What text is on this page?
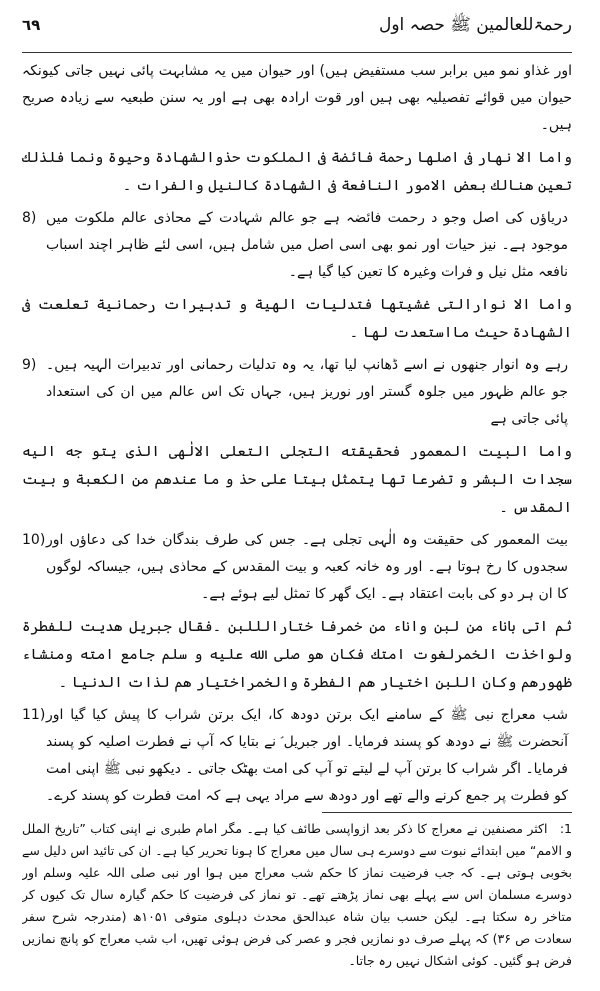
٦٩	رحمۃللعالمین ﷺ حصہ اول

اور غذاو نمو میں برابر سب مستفیض ہیں) اور حیوان میں یہ مشابہت پائی نہیں جاتی کیونکہ حیوان میں قوائے تفصیلیہ بھی ہیں اور قوت ارادہ بھی ہے اور یہ سنن طبعیہ سے زیادہ صریح ہیں۔

واما الا نهار فى اصلها رحمة فائضة فى الملكوت حذوالشهادة وحيوة ونما فلذلك تعين هنالك بعض الامور النافعة فى الشهادة كالنيل والفرات ۔

8) دریاؤں کی اصل وجو د رحمت فائضہ ہے جو عالم شہادت کے محاذی عالم ملکوت میں موجود ہے۔ نیز حیات اور نمو بھی اسی اصل میں شامل ہیں، اسی لئے ظاہر اچند اسباب نافعہ مثل نیل و فرات وغیرہ کا تعین کیا گیا ہے۔

واما الا نوارالتى غشيتها فتدليات الهية و تدبيرات رحمانية تعلعت فى الشهادة حيث مااستعدت لها ۔

9) رہے وہ انوار جنھوں نے اسے ڈھانپ لیا تھا، یہ وہ تدلیات رحمانی اور تدبیرات الہیہ ہیں۔ جو عالم ظہور میں جلوہ گستر اور نوریز ہیں، جہاں تک اس عالم میں ان کی استعداد پائی جاتی ہے

واما البيت المعمور فحقيقته التجلى التعلى الالٰهى الذى يتو جه اليه سجدات البشر و تضرعا تها يتمثل بيتا على حذ و ما عندهم من الكعبة و بيت المقدس ۔

10) بیت المعمور کی حقیقت وہ الٰہی تجلی ہے۔ جس کی طرف بندگان خدا کی دعاؤں اور سجدوں کا رخ ہوتا ہے۔ اور وہ خانہ کعبہ و بیت المقدس کے محاذی ہیں، جیساکہ لوگوں کا ان ہر دو کی بابت اعتقاد ہے۔ ایک گھر کا تمثل لیے ہوئے ہے۔

ثم اتى باناء من لبن واناء من خمرفا ختارالللبن ۔فقال جبريل هديت للفطرة ولواخذت الخمرلغوت امتك فكان هو صلى الله عليه و سلم جامع امته ومنشاء ظهورهم وكان اللبن اختيار هم الفطرة والخمراختيار هم لذات الدنيا ۔

11)	شب معراج نبی ﷺ کے سامنے ایک برتن دودھ کا، ایک برتن شراب کا پیش کیا گیا اور آنحضرت ﷺ نے دودھ کو پسند فرمایا۔ اور جبریل ؑ نے بتایا کہ آپ نے فطرت اصلیہ کو پسند فرمایا۔ اگر شراب کا برتن آپ لے لیتے تو آپ کی امت بھٹک جاتی ۔ دیکھو نبی ﷺ اپنی امت کو فطرت پر جمع کرنے والے تھے اور دودھ سے مراد یہی ہے کہ امت فطرت کو پسند کرے۔

1: اکثر مصنفین نے معراج کا ذکر بعد ازواپسی طائف کیا ہے۔ مگر امام طبری نے اپنی کتاب ”تاریخ الملل و الامم“ میں ابتدائے نبوت سے دوسرے ہی سال میں معراج کا ہونا تحریر کیا ہے۔ ان کی تائید اس دلیل سے بخوبی ہوتی ہے۔ کہ جب فرضیت نماز کا حکم شب معراج میں ہوا اور نبی صلی اللہ علیہ وسلم اور دوسرے مسلمان اس سے پہلے بھی نماز پڑھتے تھے۔ تو نماز کی فرضیت کا حکم گیارہ سال تک کیوں کر متاخر رہ سکتا ہے۔ لیکن حسب بیان شاہ عبدالحق محدث دہلوی متوفی ۱۰۵۱ھ (مندرجہ شرح سفر سعادت ص ۳۶) کہ پہلے صرف دو نمازیں فجر و عصر کی فرض ہوئی تھیں، اب شب معراج کو پانچ نمازیں فرض ہو گئیں۔ کوئی اشکال نہیں رہ جاتا۔
